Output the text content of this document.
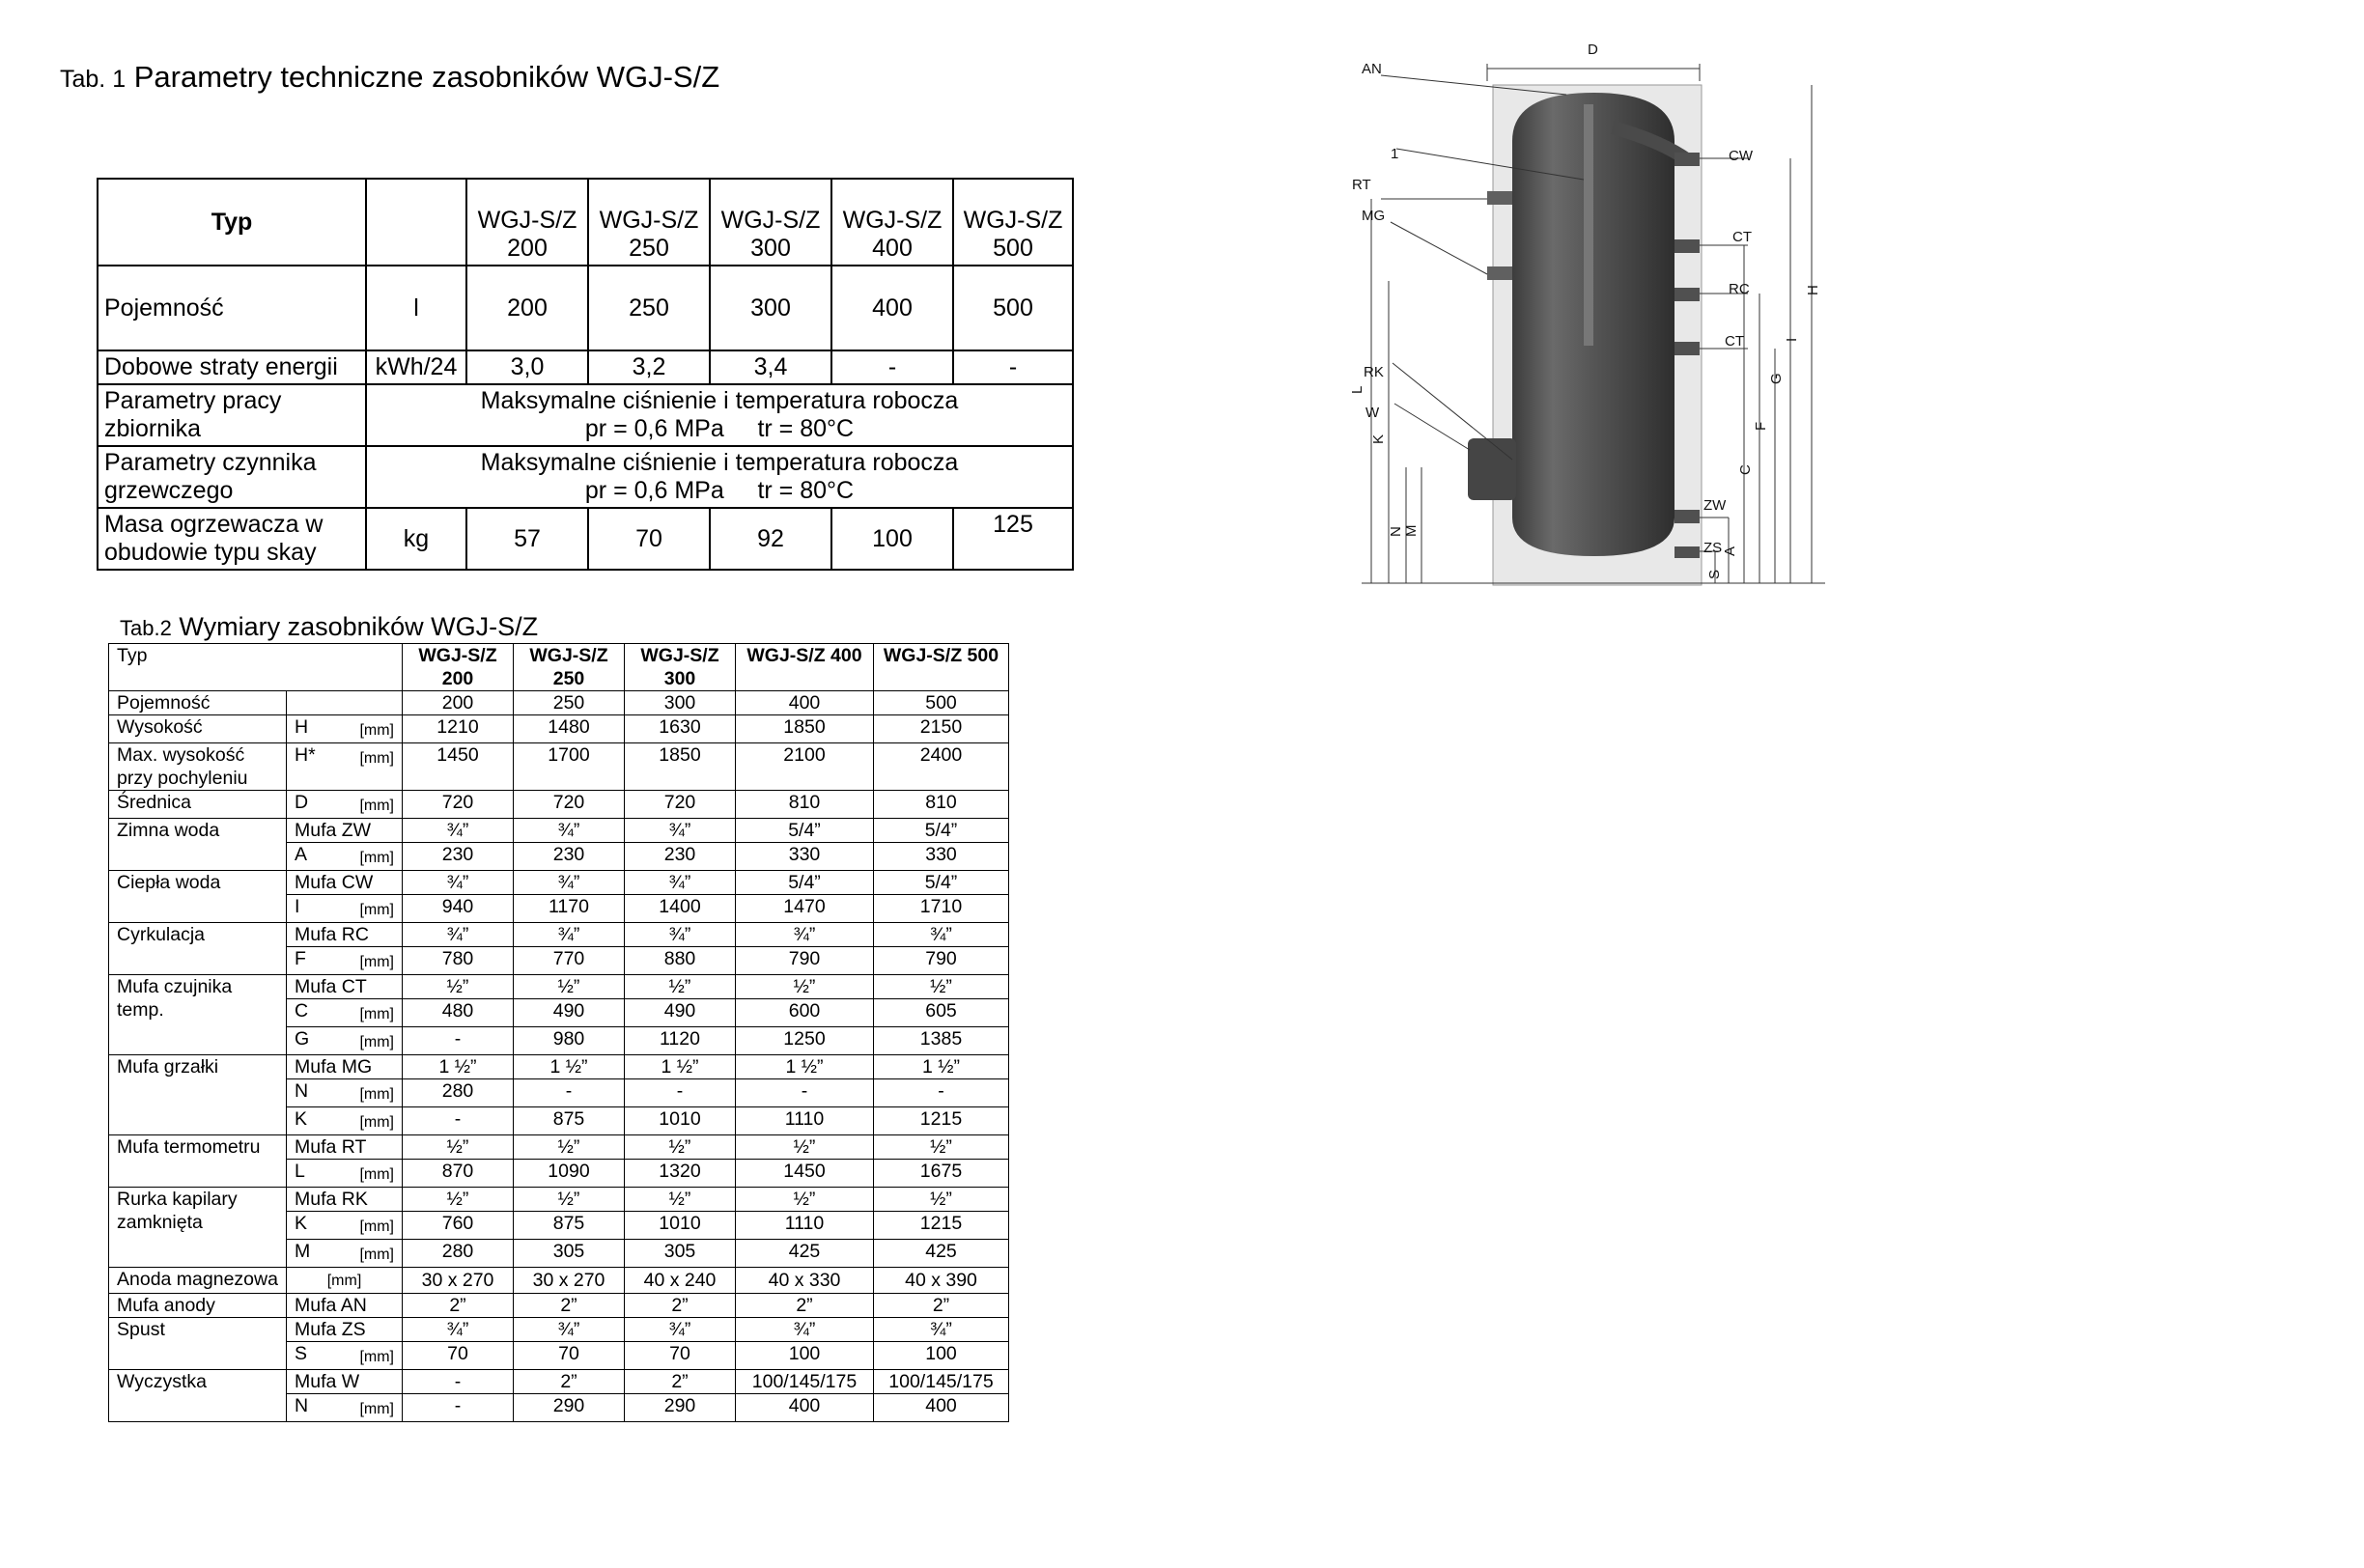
Tab. 1 Parametry techniczne zasobników WGJ-S/Z
Typ		WGJ-S/Z 200	WGJ-S/Z 250	WGJ-S/Z 300	WGJ-S/Z 400	WGJ-S/Z 500
Pojemność	l	200	250	300	400	500
Dobowe straty energii	kWh/24	3,0	3,2	3,4	-	-
Parametry pracy zbiornika	Maksymalne ciśnienie i temperatura robocza
pr = 0,6 MPa     tr = 80°C					

Parametry czynnika grzewczego	Maksymalne ciśnienie i temperatura robocza
pr = 0,6 MPa     tr = 80°C					

Masa ogrzewacza w obudowie typu skay	kg	57	70	92	100	125
Tab.2 Wymiary zasobników WGJ-S/Z
Typ		WGJ-S/Z 200	WGJ-S/Z 250	WGJ-S/Z 300	WGJ-S/Z 400	WGJ-S/Z 500
Pojemność		200	250	300	400	500
Wysokość	H [mm]	1210	1480	1630	1850	2150
Max. wysokość przy pochyleniu	H* [mm]	1450	1700	1850	2100	2400
Średnica	D [mm]	720	720	720	810	810
Zimna woda	Mufa ZW	¾”	¾”	¾”	5/4”	5/4”
	A [mm]	230	230	230	330	330
Ciepła woda	Mufa CW	¾”	¾”	¾”	5/4”	5/4”
	I [mm]	940	1170	1400	1470	1710
Cyrkulacja	Mufa RC	¾”	¾”	¾”	¾”	¾”
	F [mm]	780	770	880	790	790
Mufa czujnika temp.	Mufa CT	½”	½”	½”	½”	½”
	C [mm]	480	490	490	600	605
	G [mm]	-	980	1120	1250	1385
Mufa grzałki	Mufa MG	1 ½”	1 ½”	1 ½”	1 ½”	1 ½”
	N [mm]	280	-	-	-	-
	K [mm]	-	875	1010	1110	1215
Mufa termometru	Mufa RT	½”	½”	½”	½”	½”
	L [mm]	870	1090	1320	1450	1675
Rurka kapilary zamknięta	Mufa RK	½”	½”	½”	½”	½”
	K [mm]	760	875	1010	1110	1215
	M [mm]	280	305	305	425	425
Anoda magnezowa	[mm]	30 x 270	30 x 270	40 x 240	40 x 330	40 x 390
Mufa anody	Mufa AN	2”	2”	2”	2”	2”
Spust	Mufa ZS	¾”	¾”	¾”	¾”	¾”
	S [mm]	70	70	70	100	100
Wyczystka	Mufa W	-	2”	2”	100/145/175	100/145/175
	N [mm]	-	290	290	400	400
D
AN
1
RT
MG
RK
W
CW
CT
RC
CT
ZW
ZS
L
K
N M
S
A
C
F
G
I
H
